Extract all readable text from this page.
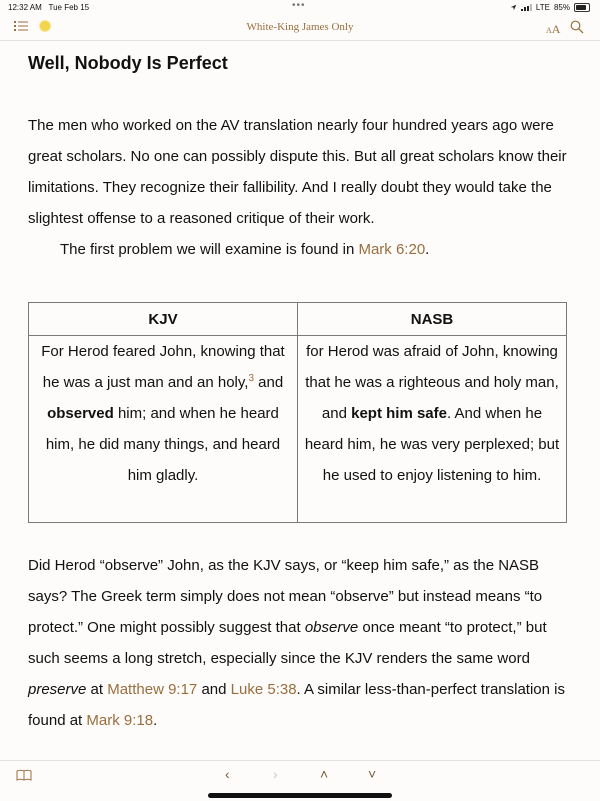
12:32 AM Tue Feb 15	•••	LTE 85%
White-King James Only	AA
Well, Nobody Is Perfect

The men who worked on the AV translation nearly four hundred years ago were great scholars. No one can possibly dispute this. But all great scholars know their limitations. They recognize their fallibility. And I really doubt they would take the slightest offense to a reasoned critique of their work.

The first problem we will examine is found in Mark 6:20.

KJV	NASB
For Herod feared John, knowing that he was a just man and an holy,$^3$ and observed him; and when he heard him, he did many things, and heard him gladly.	for Herod was afraid of John, knowing that he was a righteous and holy man, and kept him safe. And when he heard him, he was very perplexed; but he used to enjoy listening to him.

Did Herod “observe” John, as the KJV says, or “keep him safe,” as the NASB says? The Greek term simply does not mean “observe” but instead means “to protect.” One might possibly suggest that observe once meant “to protect,” but such seems a long stretch, especially since the KJV renders the same word preserve at Matthew 9:17 and Luke 5:38. A similar less-than-perfect translation is found at Mark 9:18.

‹	›	˄	˅
